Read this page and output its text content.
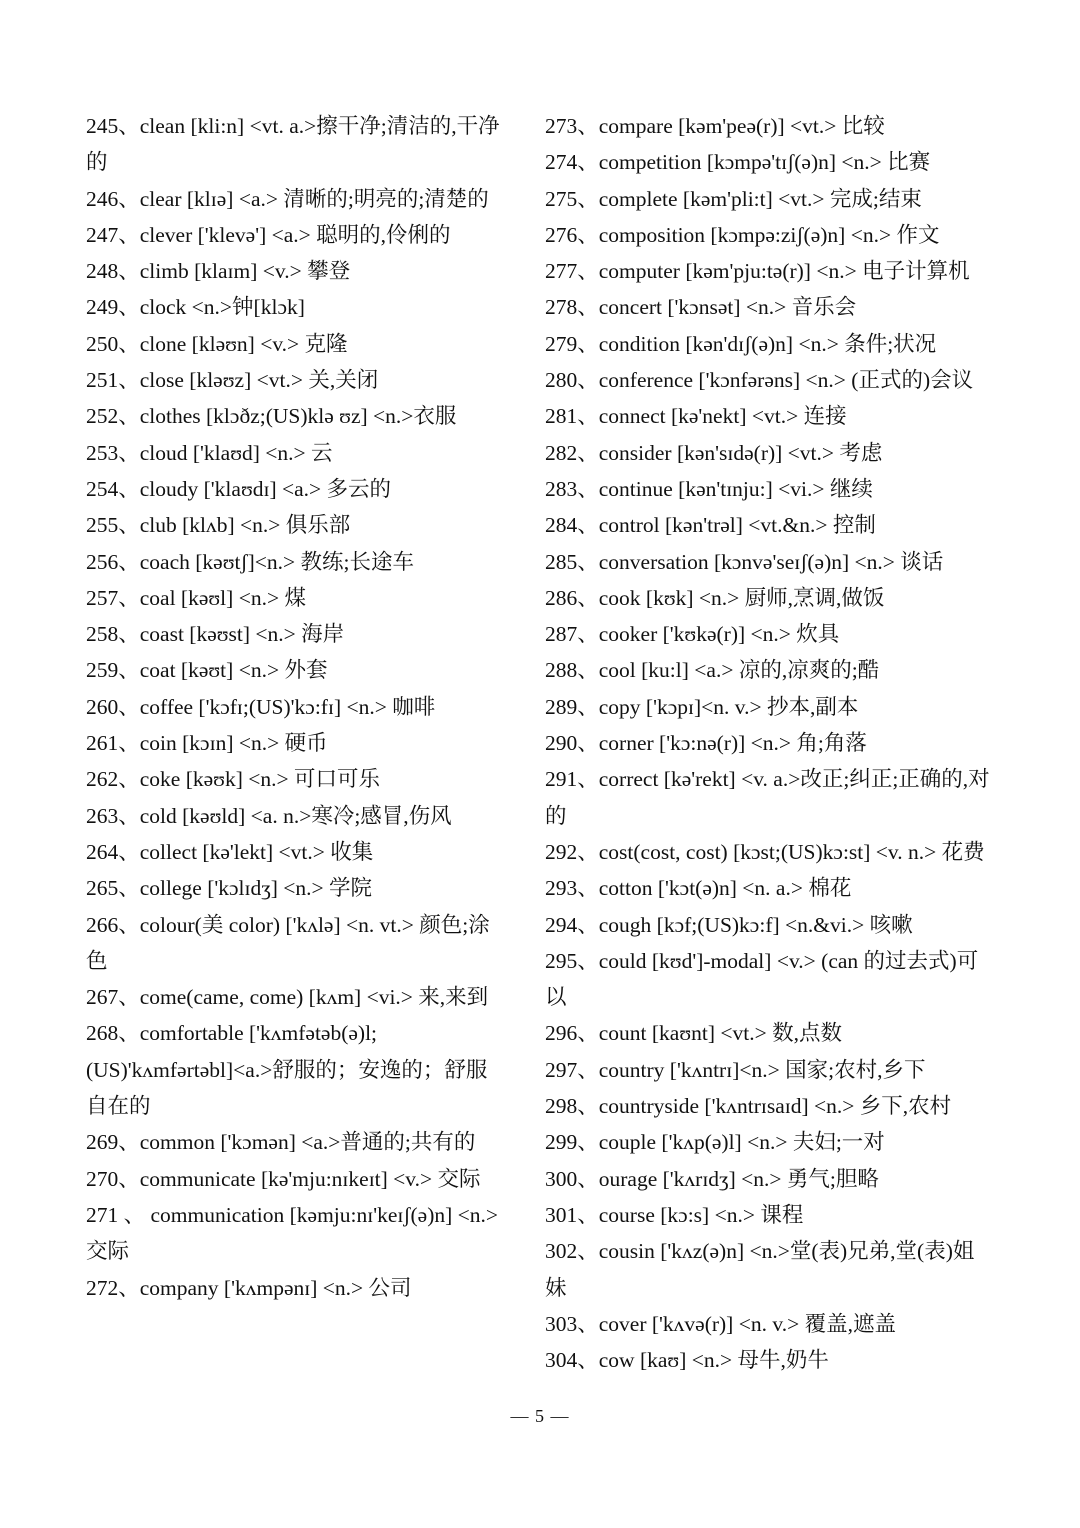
245、clean [kli:n] <vt. a.>擦干净;清洁的,干净的
246、clear [klɪə] <a.> 清晰的;明亮的;清楚的
247、clever ['klevə'] <a.> 聪明的,伶俐的
248、climb [klaɪm] <v.> 攀登
249、clock <n.>钟[klɔk]
250、clone [kləʊn] <v.> 克隆
251、close [kləʊz] <vt.> 关,关闭
252、clothes [klɔðz;(US)klə ʊz] <n.>衣服
253、cloud ['klaʊd] <n.> 云
254、cloudy ['klaʊdɪ] <a.> 多云的
255、club [klʌb] <n.> 俱乐部
256、coach [kəʊtʃ]<n.> 教练;长途车
257、coal [kəʊl] <n.> 煤
258、coast [kəʊst] <n.> 海岸
259、coat [kəʊt] <n.> 外套
260、coffee ['kɔfɪ;(US)'kɔ:fɪ] <n.> 咖啡
261、coin [kɔɪn] <n.> 硬币
262、coke [kəʊk] <n.> 可口可乐
263、cold [kəʊld] <a. n.>寒冷;感冒,伤风
264、collect [kə'lekt] <vt.> 收集
265、college ['kɔlɪdʒ] <n.> 学院
266、colour(美 color) ['kʌlə] <n. vt.> 颜色;涂色
267、come(came, come) [kʌm] <vi.> 来,来到
268、comfortable ['kʌmfətəb(ə)l;(US)'kʌmfərtəbl]<a.>舒服的；安逸的；舒服自在的
269、common ['kɔmən] <a.>普通的;共有的
270、communicate [kə'mju:nɪkeɪt] <v.> 交际
271 、 communication [kəmju:nɪ'keɪʃ(ə)n] <n.> 交际
272、company ['kʌmpənɪ] <n.> 公司
273、compare [kəm'peə(r)] <vt.> 比较
274、competition [kɔmpə'tɪʃ(ə)n] <n.> 比赛
275、complete [kəm'pli:t] <vt.> 完成;结束
276、composition [kɔmpə:ziʃ(ə)n] <n.> 作文
277、computer [kəm'pju:tə(r)] <n.> 电子计算机
278、concert ['kɔnsət] <n.> 音乐会
279、condition [kən'dɪʃ(ə)n] <n.> 条件;状况
280、conference ['kɔnfərəns] <n.> (正式的)会议
281、connect [kə'nekt] <vt.> 连接
282、consider [kən'sɪdə(r)] <vt.> 考虑
283、continue [kən'tɪnju:] <vi.> 继续
284、control [kən'trəl] <vt.&n.> 控制
285、conversation [kɔnvə'seɪʃ(ə)n] <n.> 谈话
286、cook [kʊk] <n.> 厨师,烹调,做饭
287、cooker ['kʊkə(r)] <n.> 炊具
288、cool [ku:l] <a.> 凉的,凉爽的;酷
289、copy ['kɔpɪ]<n. v.> 抄本,副本
290、corner ['kɔ:nə(r)] <n.> 角;角落
291、correct [kə'rekt] <v. a.>改正;纠正;正确的,对的
292、cost(cost, cost) [kɔst;(US)kɔ:st] <v. n.> 花费
293、cotton ['kɔt(ə)n] <n. a.> 棉花
294、cough [kɔf;(US)kɔ:f] <n.&vi.> 咳嗽
295、could [kʊd']-modal] <v.> (can 的过去式)可以
296、count [kaʊnt] <vt.> 数,点数
297、country ['kʌntrɪ]<n.> 国家;农村,乡下
298、countryside ['kʌntrɪsaɪd] <n.> 乡下,农村
299、couple ['kʌp(ə)l] <n.> 夫妇;一对
300、ourage ['kʌrɪdʒ] <n.> 勇气;胆略
301、course [kɔ:s] <n.> 课程
302、cousin ['kʌz(ə)n] <n.>堂(表)兄弟,堂(表)姐妹
303、cover ['kʌvə(r)] <n. v.> 覆盖,遮盖
304、cow [kaʊ] <n.> 母牛,奶牛
— 5 —
